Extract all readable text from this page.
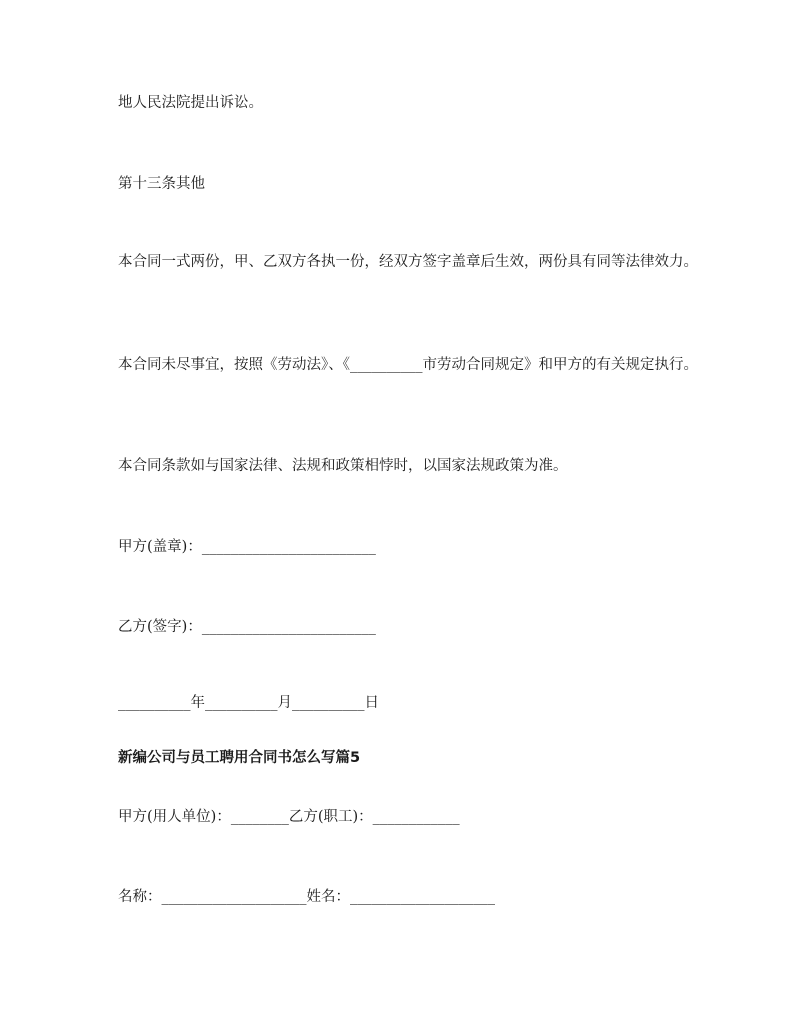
地人民法院提出诉讼。
第十三条其他
本合同一式两份，甲、乙双方各执一份，经双方签字盖章后生效，两份具有同等法律效力。
本合同未尽事宜，按照《劳动法》、《__________市劳动合同规定》和甲方的有关规定执行。
本合同条款如与国家法律、法规和政策相悖时，以国家法规政策为准。
甲方(盖章)：________________________
乙方(签字)：________________________
__________年__________月__________日
新编公司与员工聘用合同书怎么写篇5
甲方(用人单位)：________乙方(职工)：____________
名称：____________________姓名：____________________
